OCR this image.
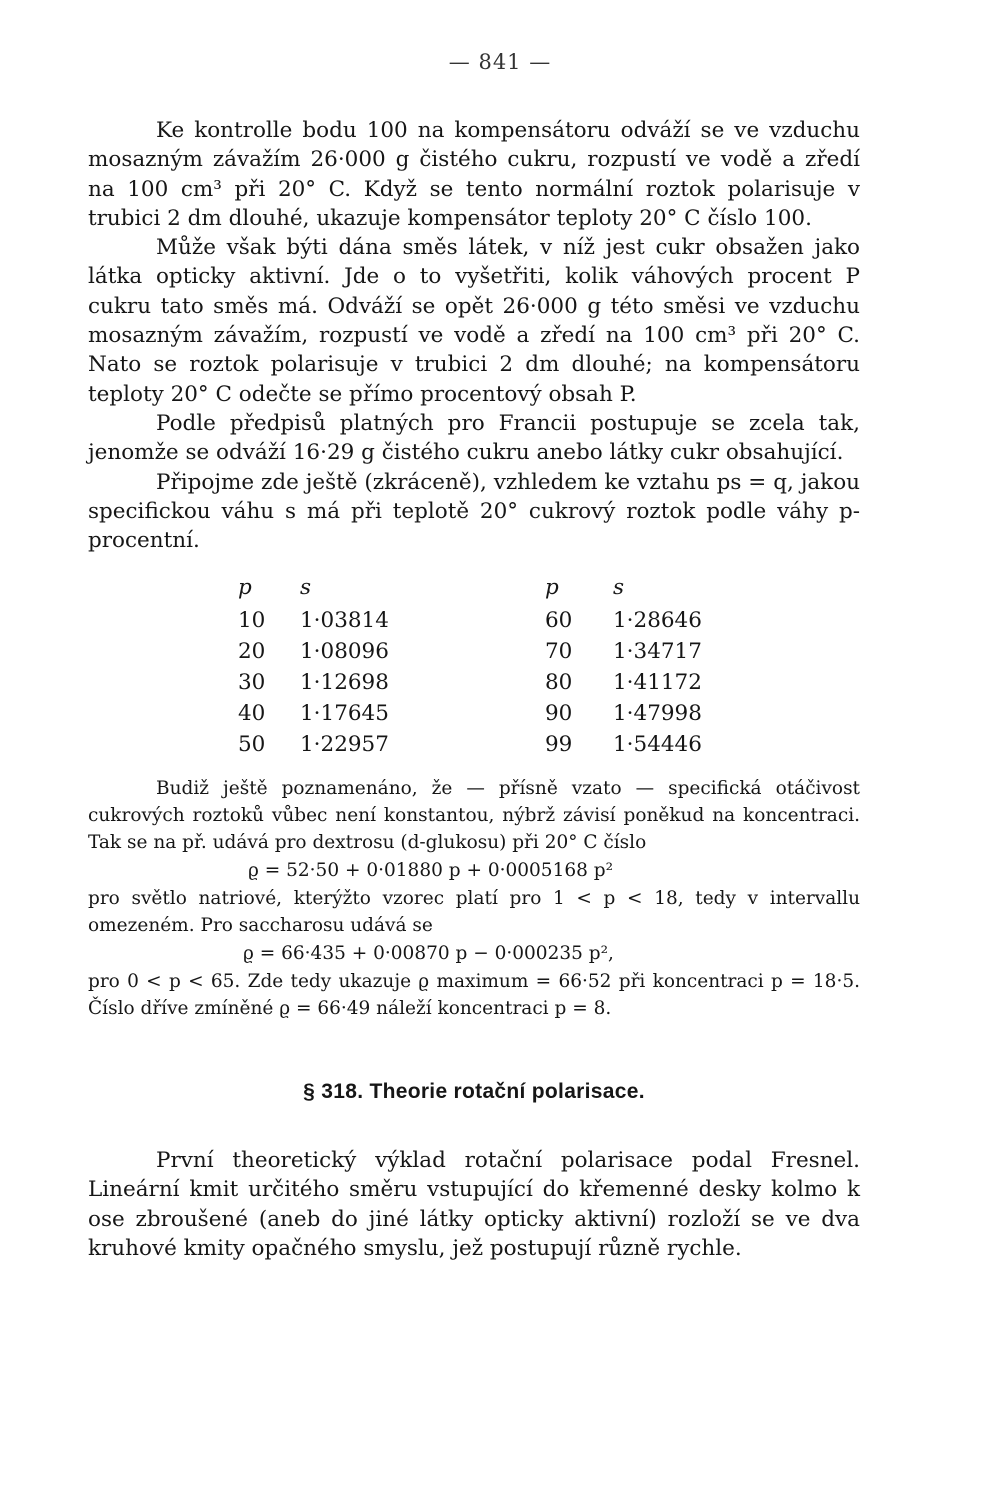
— 841 —

Ke kontrolle bodu 100 na kompensátoru odváží se ve vzduchu mosazným závažím 26·000 g čistého cukru, rozpustí ve vodě a zředí na 100 cm³ při 20° C. Když se tento normální roztok polarisuje v trubici 2 dm dlouhé, ukazuje kompensátor teploty 20° C číslo 100.

Může však býti dána směs látek, v níž jest cukr obsažen jako látka opticky aktivní. Jde o to vyšetřiti, kolik váhových procent P cukru tato směs má. Odváží se opět 26·000 g této směsi ve vzduchu mosazným závažím, rozpustí ve vodě a zředí na 100 cm³ při 20° C. Nato se roztok polarisuje v trubici 2 dm dlouhé; na kompensátoru teploty 20° C odečte se přímo procentový obsah P.

Podle předpisů platných pro Francii postupuje se zcela tak, jenomže se odváží 16·29 g čistého cukru anebo látky cukr obsahující.

Připojme zde ještě (zkráceně), vzhledem ke vztahu ps = q, jakou specifickou váhu s má při teplotě 20° cukrový roztok podle váhy p-procentní.

p	s	p	s
10	1·03814	60	1·28646
20	1·08096	70	1·34717
30	1·12698	80	1·41172
40	1·17645	90	1·47998
50	1·22957	99	1·54446

Budiž ještě poznamenáno, že — přísně vzato — specifická otáčivost cukrových roztoků vůbec není konstantou, nýbrž závisí poněkud na koncentraci. Tak se na př. udává pro dextrosu (d-glukosu) při 20° C číslo

ϱ = 52·50 + 0·01880 p + 0·0005168 p²

pro světlo natriové, kterýžto vzorec platí pro 1 < p < 18, tedy v intervallu omezeném. Pro saccharosu udává se

ϱ = 66·435 + 0·00870 p − 0·000235 p²,

pro 0 < p < 65. Zde tedy ukazuje ϱ maximum = 66·52 při koncentraci p = 18·5. Číslo dříve zmíněné ϱ = 66·49 náleží koncentraci p = 8.

§ 318. Theorie rotační polarisace.

První theoretický výklad rotační polarisace podal Fresnel. Lineární kmit určitého směru vstupující do křemenné desky kolmo k ose zbroušené (aneb do jiné látky opticky aktivní) rozloží se ve dva kruhové kmity opačného smyslu, jež postupují různě rychle.
